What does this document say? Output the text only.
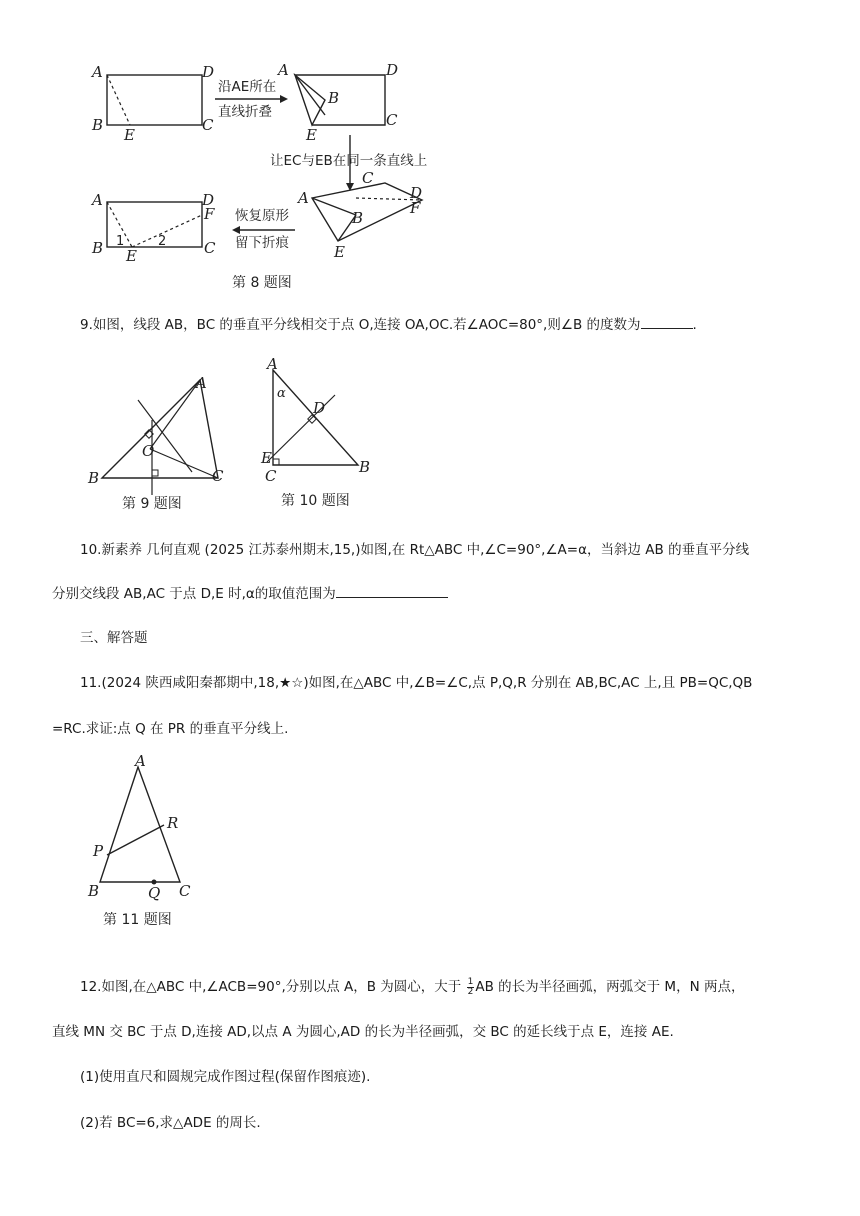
A	D
B	C
E
沿AE所在
直线折叠
A	D
B
C
E
让EC与EB在同一条直线上
A
C
D
F
B
E
恢复原形
留下折痕
A	D
F
B	C
E
1	2
第 8 题图
9.如图，线段 AB，BC 的垂直平分线相交于点 O,连接 OA,OC.若∠AOC=80°,则∠B 的度数为	.
A
B	C
O
第 9 题图
A
α
D
E
C	B
第 10 题图
10.新素养 几何直观 (2025 江苏泰州期末,15,)如图,在 Rt△ABC 中,∠C=90°,∠A=α，当斜边 AB 的垂直平分线
分别交线段 AB,AC 于点 D,E 时,α的取值范围为
三、解答题
11.(2024 陕西咸阳秦都期中,18,★☆)如图,在△ABC 中,∠B=∠C,点 P,Q,R 分别在 AB,BC,AC 上,且 PB=QC,QB
=RC.求证:点 Q 在 PR 的垂直平分线上.
A
P
R
B	Q C
第 11 题图
12.如图,在△ABC 中,∠ACB=90°,分别以点 A，B 为圆心，大于 $\frac{1}{2}$ AB 的长为半径画弧，两弧交于 M，N 两点，
直线 MN 交 BC 于点 D,连接 AD,以点 A 为圆心,AD 的长为半径画弧，交 BC 的延长线于点 E，连接 AE.
(1)使用直尺和圆规完成作图过程(保留作图痕迹).
(2)若 BC=6,求△ADE 的周长.
